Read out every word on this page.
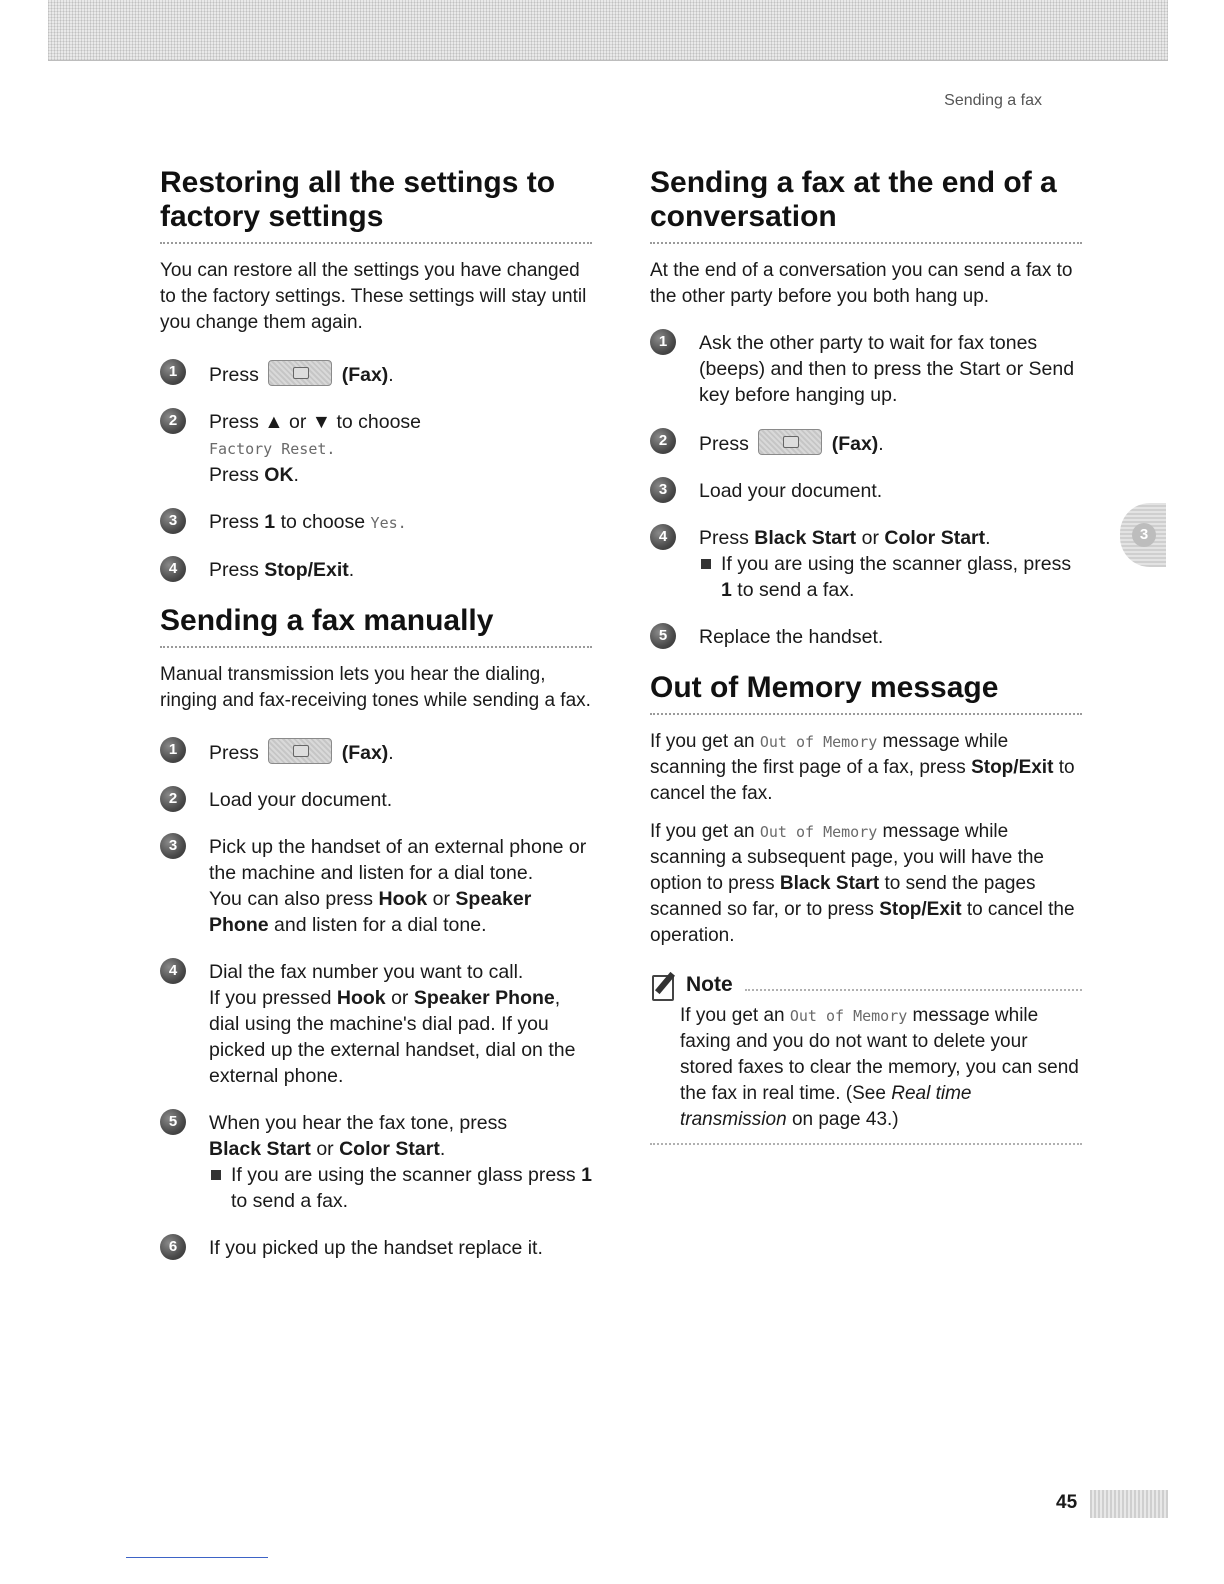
Sending a fax
Restoring all the settings to factory settings

You can restore all the settings you have changed to the factory settings. These settings will stay until you change them again.

1	Press	(Fax).
2	Press ▲ or ▼ to choose
Factory Reset.
Press OK.
3	Press 1 to choose Yes.
4	Press Stop/Exit.
Sending a fax manually

Manual transmission lets you hear the dialing, ringing and fax-receiving tones while sending a fax.

1	Press	(Fax).
2	Load your document.
3	Pick up the handset of an external phone or the machine and listen for a dial tone.
You can also press Hook or Speaker Phone and listen for a dial tone.
4	Dial the fax number you want to call.
If you pressed Hook or Speaker Phone, dial using the machine's dial pad. If you picked up the external handset, dial on the external phone.
5	When you hear the fax tone, press
Black Start or Color Start.

If you are using the scanner glass press 1 to send a fax.

6	If you picked up the handset replace it.
Sending a fax at the end of a conversation

At the end of a conversation you can send a fax to the other party before you both hang up.

1	Ask the other party to wait for fax tones (beeps) and then to press the Start or Send key before hanging up.
2	Press	(Fax).
3	Load your document.
4	Press Black Start or Color Start.

If you are using the scanner glass, press 1 to send a fax.

5	Replace the handset.
Out of Memory message

If you get an Out of Memory message while scanning the first page of a fax, press Stop/Exit to cancel the fax.

If you get an Out of Memory message while scanning a subsequent page, you will have the option to press Black Start to send the pages scanned so far, or to press Stop/Exit to cancel the operation.

Note
If you get an Out of Memory message while faxing and you do not want to delete your stored faxes to clear the memory, you can send the fax in real time. (See Real time transmission on page 43.)
3
45
